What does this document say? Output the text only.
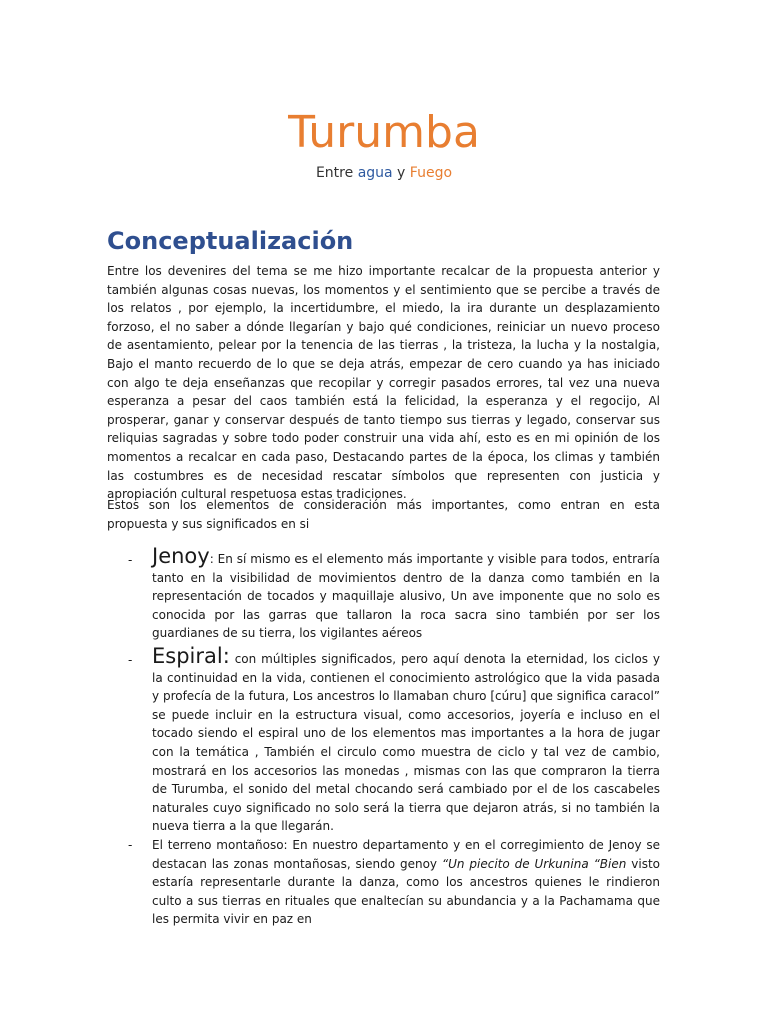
Turumba
Entre agua y Fuego
Conceptualización
Entre los devenires del tema se me hizo importante recalcar de la propuesta anterior y también algunas cosas nuevas, los momentos y el sentimiento que se percibe a través de los relatos , por ejemplo, la incertidumbre, el miedo, la ira durante un desplazamiento forzoso, el no saber a dónde llegarían y bajo qué condiciones, reiniciar un nuevo proceso de asentamiento, pelear por la tenencia de las tierras , la tristeza, la lucha y la nostalgia, Bajo el manto recuerdo de lo que se deja atrás, empezar de cero cuando ya has iniciado con algo te deja enseñanzas que recopilar y corregir pasados errores, tal vez una nueva esperanza a pesar del caos también está la felicidad, la esperanza y el regocijo, Al prosperar, ganar y conservar después de tanto tiempo sus tierras y legado, conservar sus reliquias sagradas y sobre todo poder construir una vida ahí, esto es en mi opinión de los momentos a recalcar en cada paso, Destacando partes de la época, los climas y también las costumbres es de necesidad rescatar símbolos que representen con justicia y apropiación cultural respetuosa estas tradiciones.
Estos son los elementos de consideración más importantes, como entran en esta propuesta y sus significados en si
- Jenoy: En sí mismo es el elemento más importante y visible para todos, entraría tanto en la visibilidad de movimientos dentro de la danza como también en la representación de tocados y maquillaje alusivo, Un ave imponente que no solo es conocida por las garras que tallaron la roca sacra sino también por ser los guardianes de su tierra, los vigilantes aéreos
- Espiral: con múltiples significados, pero aquí denota la eternidad, los ciclos y la continuidad en la vida, contienen el conocimiento astrológico que la vida pasada y profecía de la futura, Los ancestros lo llamaban churo [cúru] que significa caracol” se puede incluir en la estructura visual, como accesorios, joyería e incluso en el tocado siendo el espiral uno de los elementos mas importantes a la hora de jugar con la temática , También el circulo como muestra de ciclo y tal vez de cambio, mostrará en los accesorios las monedas , mismas con las que compraron la tierra de Turumba, el sonido del metal chocando será cambiado por el de los cascabeles naturales cuyo significado no solo será la tierra que dejaron atrás, si no también la nueva tierra a la que llegarán.
- El terreno montañoso: En nuestro departamento y en el corregimiento de Jenoy se destacan las zonas montañosas, siendo genoy “Un piecito de Urkunina “Bien visto estaría representarle durante la danza, como los ancestros quienes le rindieron culto a sus tierras en rituales que enaltecían su abundancia y a la Pachamama que les permita vivir en paz en
